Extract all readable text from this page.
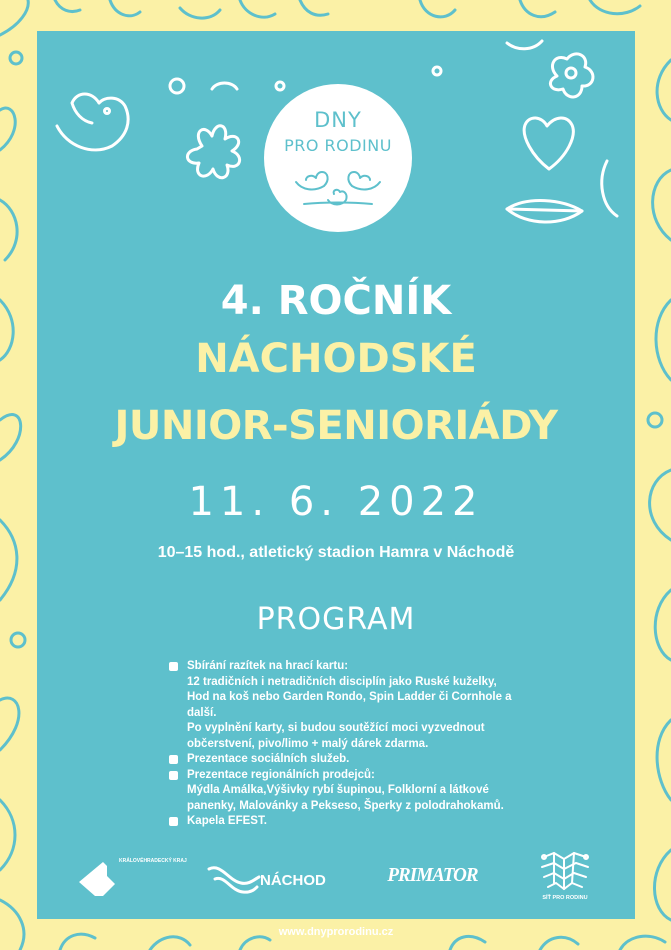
DNY
PRO RODINU
4. ROČNÍK
NÁCHODSKÉ
JUNIOR-SENIORIÁDY
11. 6. 2022
10–15 hod., atletický stadion Hamra v Náchodě
PROGRAM
Sbírání razítek na hrací kartu:
12 tradičních i netradičních disciplín jako Ruské kuželky,
Hod na koš nebo Garden Rondo, Spin Ladder či Cornhole a další.
Po vyplnění karty, si budou soutěžící moci vyzvednout
občerstvení, pivo/limo + malý dárek zdarma.
Prezentace sociálních služeb.
Prezentace regionálních prodejců:
Mýdla Amálka,Výšivky rybí šupinou, Folklorní a látkové
panenky, Malovánky a Pekseso, Šperky z polodrahokamů.
Kapela EFEST.
KRÁLOVÉHRADECKÝ KRAJ
NÁCHOD	PRIMATOR
SÍŤ PRO RODINU
www.dnyprorodinu.cz
